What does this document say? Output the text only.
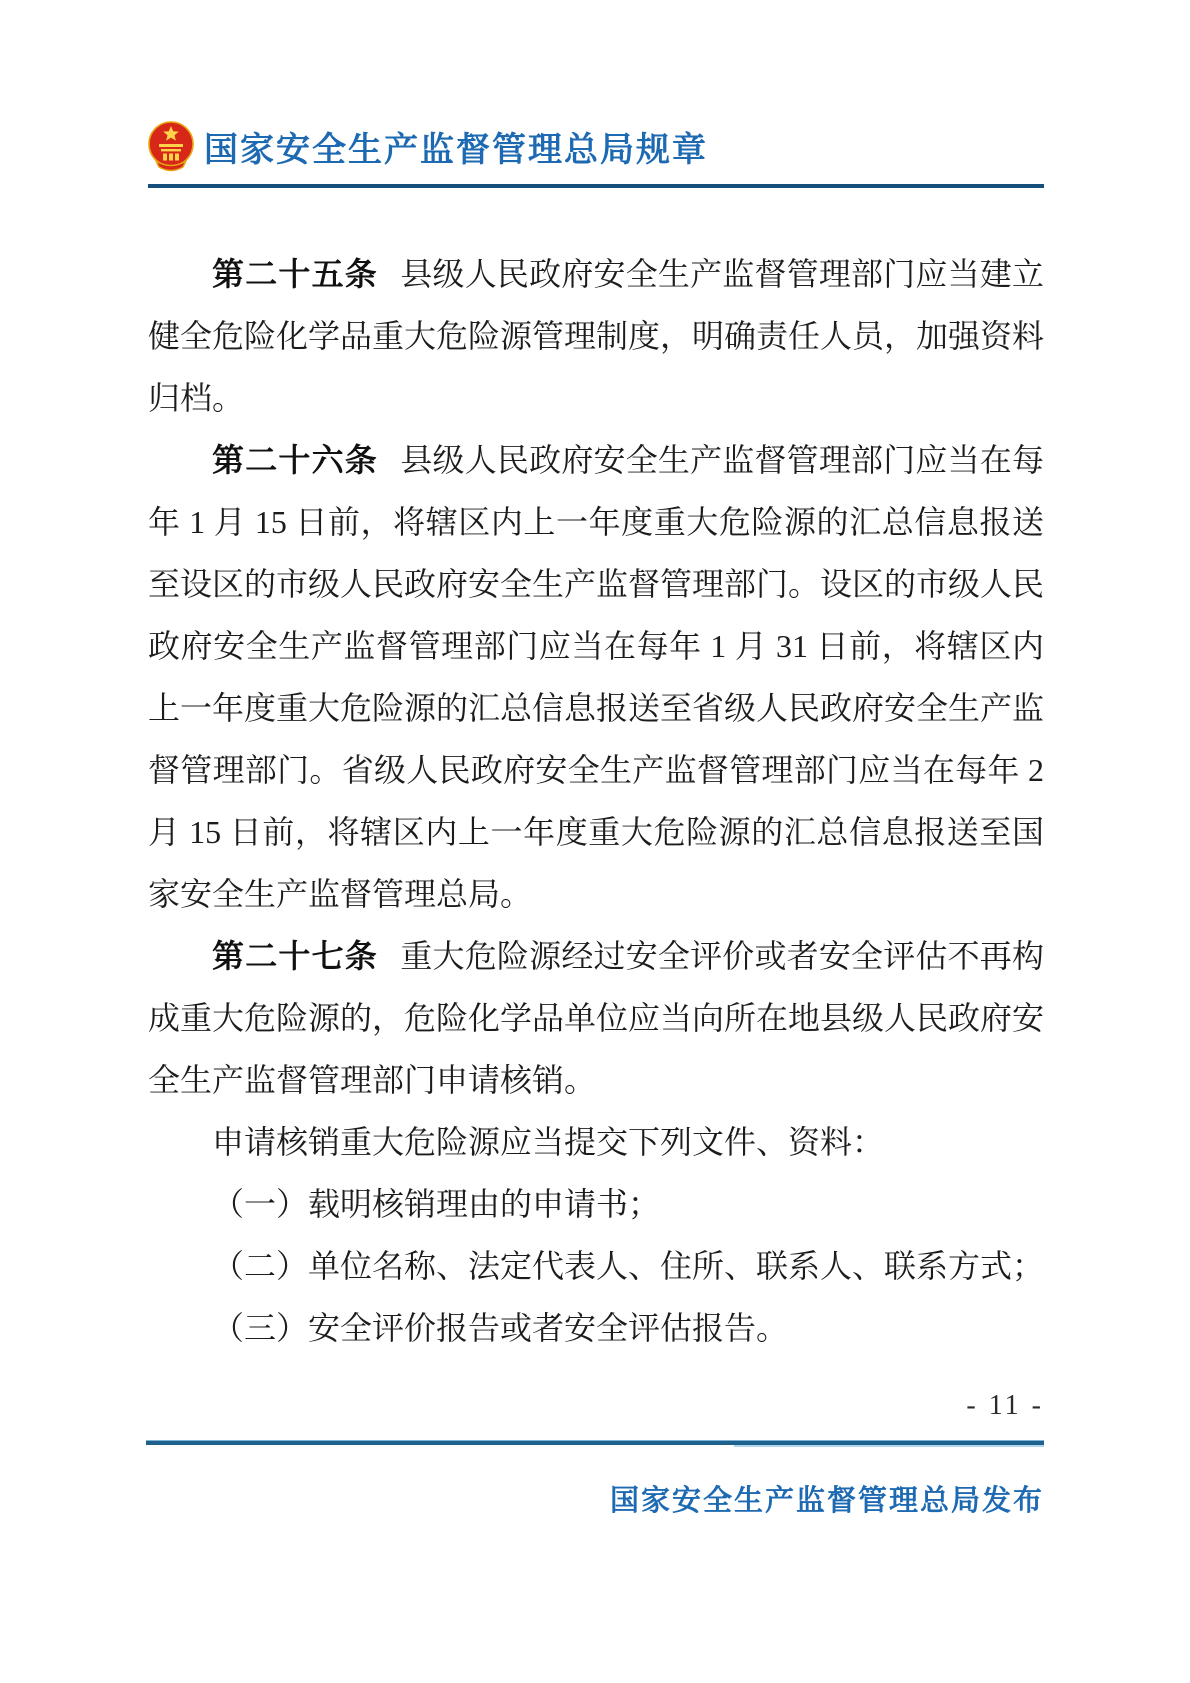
国家安全生产监督管理总局规章

第二十五条 县级人民政府安全生产监督管理部门应当建立健全危险化学品重大危险源管理制度，明确责任人员，加强资料归档。

第二十六条 县级人民政府安全生产监督管理部门应当在每年 1 月 15 日前，将辖区内上一年度重大危险源的汇总信息报送至设区的市级人民政府安全生产监督管理部门。设区的市级人民政府安全生产监督管理部门应当在每年 1 月 31 日前，将辖区内上一年度重大危险源的汇总信息报送至省级人民政府安全生产监督管理部门。省级人民政府安全生产监督管理部门应当在每年 2 月 15 日前，将辖区内上一年度重大危险源的汇总信息报送至国家安全生产监督管理总局。

第二十七条 重大危险源经过安全评价或者安全评估不再构成重大危险源的，危险化学品单位应当向所在地县级人民政府安全生产监督管理部门申请核销。

申请核销重大危险源应当提交下列文件、资料：

（一）载明核销理由的申请书；

（二）单位名称、法定代表人、住所、联系人、联系方式；

（三）安全评价报告或者安全评估报告。

- 11 -
国家安全生产监督管理总局发布
